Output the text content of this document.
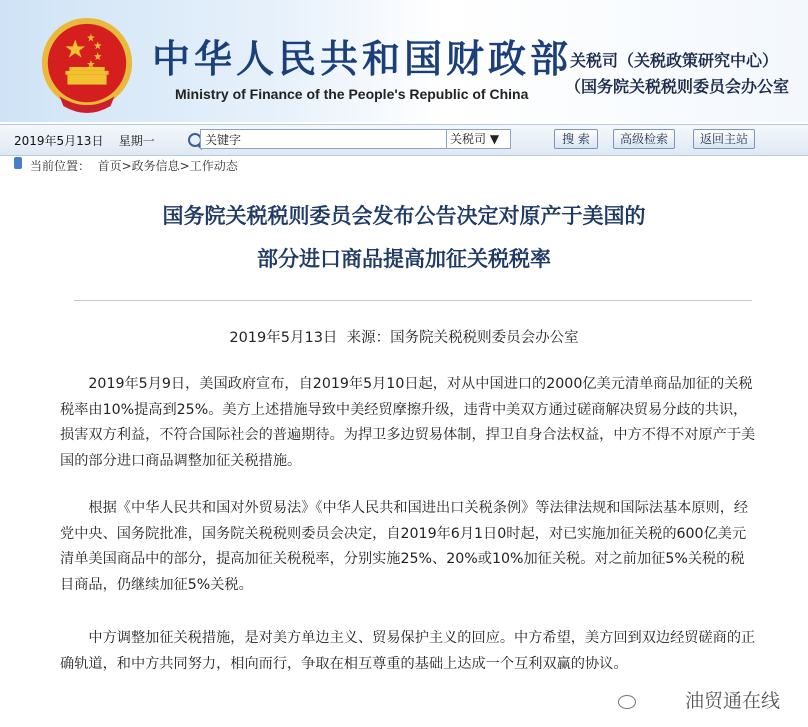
中华人民共和国财政部
Ministry of Finance of the People's Republic of China
关税司（关税政策研究中心）
（国务院关税税则委员会办公室
2019年5月13日    星期一
关键字	关税司 ▼	搜 索	高级检索	返回主站
当前位置：  首页>政务信息>工作动态
国务院关税税则委员会发布公告决定对原产于美国的
部分进口商品提高加征关税税率
2019年5月13日  来源：国务院关税税则委员会办公室
2019年5月9日，美国政府宣布，自2019年5月10日起，对从中国进口的2000亿美元清单商品加征的关税税率由10%提高到25%。美方上述措施导致中美经贸摩擦升级，违背中美双方通过磋商解决贸易分歧的共识，损害双方利益，不符合国际社会的普遍期待。为捍卫多边贸易体制，捍卫自身合法权益，中方不得不对原产于美国的部分进口商品调整加征关税措施。
根据《中华人民共和国对外贸易法》《中华人民共和国进出口关税条例》等法律法规和国际法基本原则，经党中央、国务院批准，国务院关税税则委员会决定，自2019年6月1日0时起，对已实施加征关税的600亿美元清单美国商品中的部分，提高加征关税税率，分别实施25%、20%或10%加征关税。对之前加征5%关税的税目商品，仍继续加征5%关税。
中方调整加征关税措施，是对美方单边主义、贸易保护主义的回应。中方希望，美方回到双边经贸磋商的正确轨道，和中方共同努力，相向而行，争取在相互尊重的基础上达成一个互利双赢的协议。
油贸通在线
